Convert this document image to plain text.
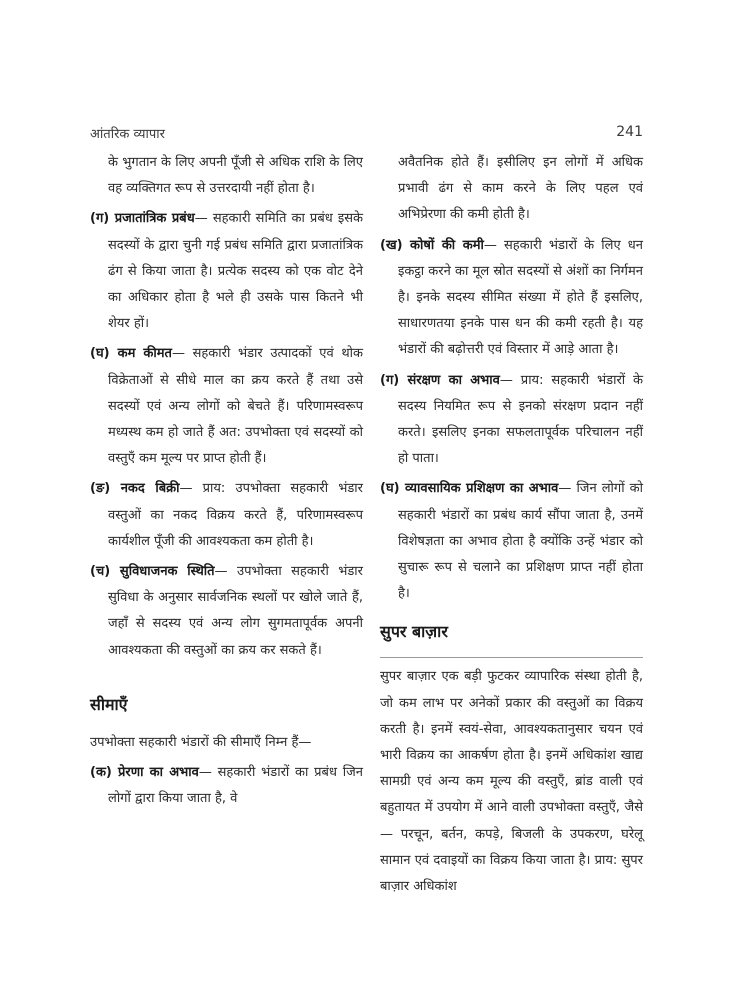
आंतरिक व्यापार	241

के भुगतान के लिए अपनी पूँजी से अधिक राशि के लिए वह व्यक्तिगत रूप से उत्तरदायी नहीं होता है।

(ग) प्रजातांत्रिक प्रबंध— सहकारी समिति का प्रबंध इसके सदस्यों के द्वारा चुनी गई प्रबंध समिति द्वारा प्रजातांत्रिक ढंग से किया जाता है। प्रत्येक सदस्य को एक वोट देने का अधिकार होता है भले ही उसके पास कितने भी शेयर हों।

(घ) कम कीमत— सहकारी भंडार उत्पादकों एवं थोक विक्रेताओं से सीधे माल का क्रय करते हैं तथा उसे सदस्यों एवं अन्य लोगों को बेचते हैं। परिणामस्वरूप मध्यस्थ कम हो जाते हैं अत: उपभोक्ता एवं सदस्यों को वस्तुएँ कम मूल्य पर प्राप्त होती हैं।

(ङ) नकद बिक्री— प्राय: उपभोक्ता सहकारी भंडार वस्तुओं का नकद विक्रय करते हैं, परिणामस्वरूप कार्यशील पूँजी की आवश्यकता कम होती है।

(च) सुविधाजनक स्थिति— उपभोक्ता सहकारी भंडार सुविधा के अनुसार सार्वजनिक स्थलों पर खोले जाते हैं, जहाँ से सदस्य एवं अन्य लोग सुगमतापूर्वक अपनी आवश्यकता की वस्तुओं का क्रय कर सकते हैं।

सीमाएँ

उपभोक्ता सहकारी भंडारों की सीमाएँ निम्न हैं—

(क) प्रेरणा का अभाव— सहकारी भंडारों का प्रबंध जिन लोगों द्वारा किया जाता है, वे

अवैतनिक होते हैं। इसीलिए इन लोगों में अधिक प्रभावी ढंग से काम करने के लिए पहल एवं अभिप्रेरणा की कमी होती है।

(ख) कोषों की कमी— सहकारी भंडारों के लिए धन इकट्ठा करने का मूल स्रोत सदस्यों से अंशों का निर्गमन है। इनके सदस्य सीमित संख्या में होते हैं इसलिए, साधारणतया इनके पास धन की कमी रहती है। यह भंडारों की बढ़ोत्तरी एवं विस्तार में आड़े आता है।

(ग) संरक्षण का अभाव— प्राय: सहकारी भंडारों के सदस्य नियमित रूप से इनको संरक्षण प्रदान नहीं करते। इसलिए इनका सफलतापूर्वक परिचालन नहीं हो पाता।

(घ) व्यावसायिक प्रशिक्षण का अभाव— जिन लोगों को सहकारी भंडारों का प्रबंध कार्य सौंपा जाता है, उनमें विशेषज्ञता का अभाव होता है क्योंकि उन्हें भंडार को सुचारू रूप से चलाने का प्रशिक्षण प्राप्त नहीं होता है।

सुपर बाज़ार

सुपर बाज़ार एक बड़ी फुटकर व्यापारिक संस्था होती है, जो कम लाभ पर अनेकों प्रकार की वस्तुओं का विक्रय करती है। इनमें स्वयं-सेवा, आवश्यकतानुसार चयन एवं भारी विक्रय का आकर्षण होता है। इनमें अधिकांश खाद्य सामग्री एवं अन्य कम मूल्य की वस्तुएँ, ब्रांड वाली एवं बहुतायत में उपयोग में आने वाली उपभोक्ता वस्तुएँ, जैसे— परचून, बर्तन, कपड़े, बिजली के उपकरण, घरेलू सामान एवं दवाइयों का विक्रय किया जाता है। प्राय: सुपर बाज़ार अधिकांश
